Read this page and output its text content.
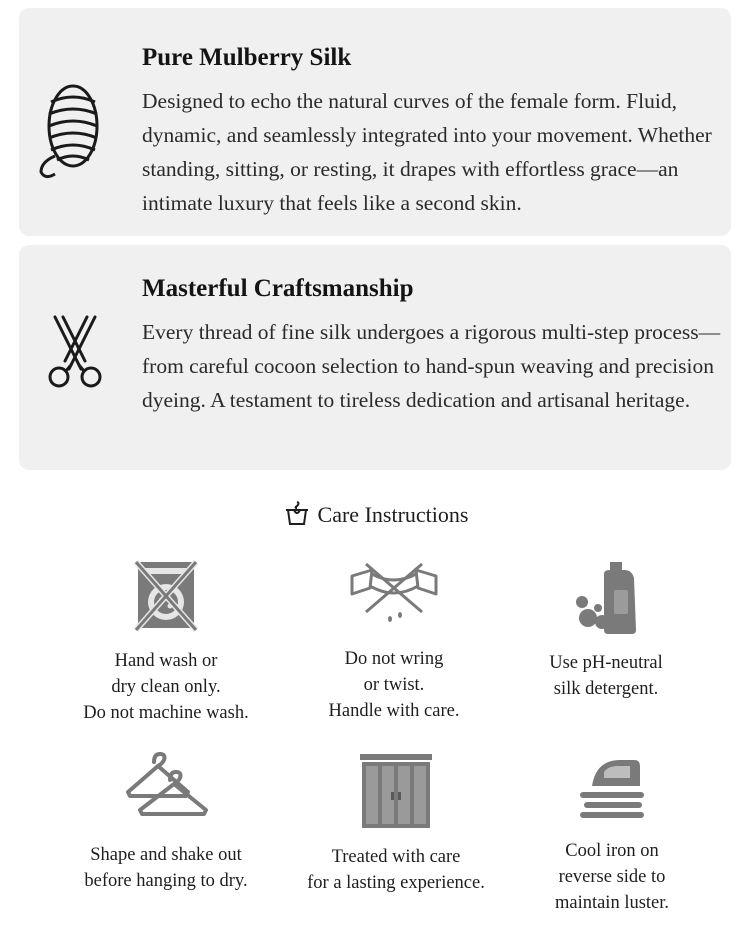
Pure Mulberry Silk
Designed to echo the natural curves of the female form. Fluid, dynamic, and seamlessly integrated into your movement. Whether standing, sitting, or resting, it drapes with effortless grace—an intimate luxury that feels like a second skin.
Masterful Craftsmanship
Every thread of fine silk undergoes a rigorous multi-step process—from careful cocoon selection to hand-spun weaving and precision dyeing. A testament to tireless dedication and artisanal heritage.
Care Instructions
Hand wash or
dry clean only.
Do not machine wash.
Do not wring
or twist.
Handle with care.
Use pH-neutral
silk detergent.
Shape and shake out
before hanging to dry.
Treated with care
for a lasting experience.
Cool iron on
reverse side to
maintain luster.
